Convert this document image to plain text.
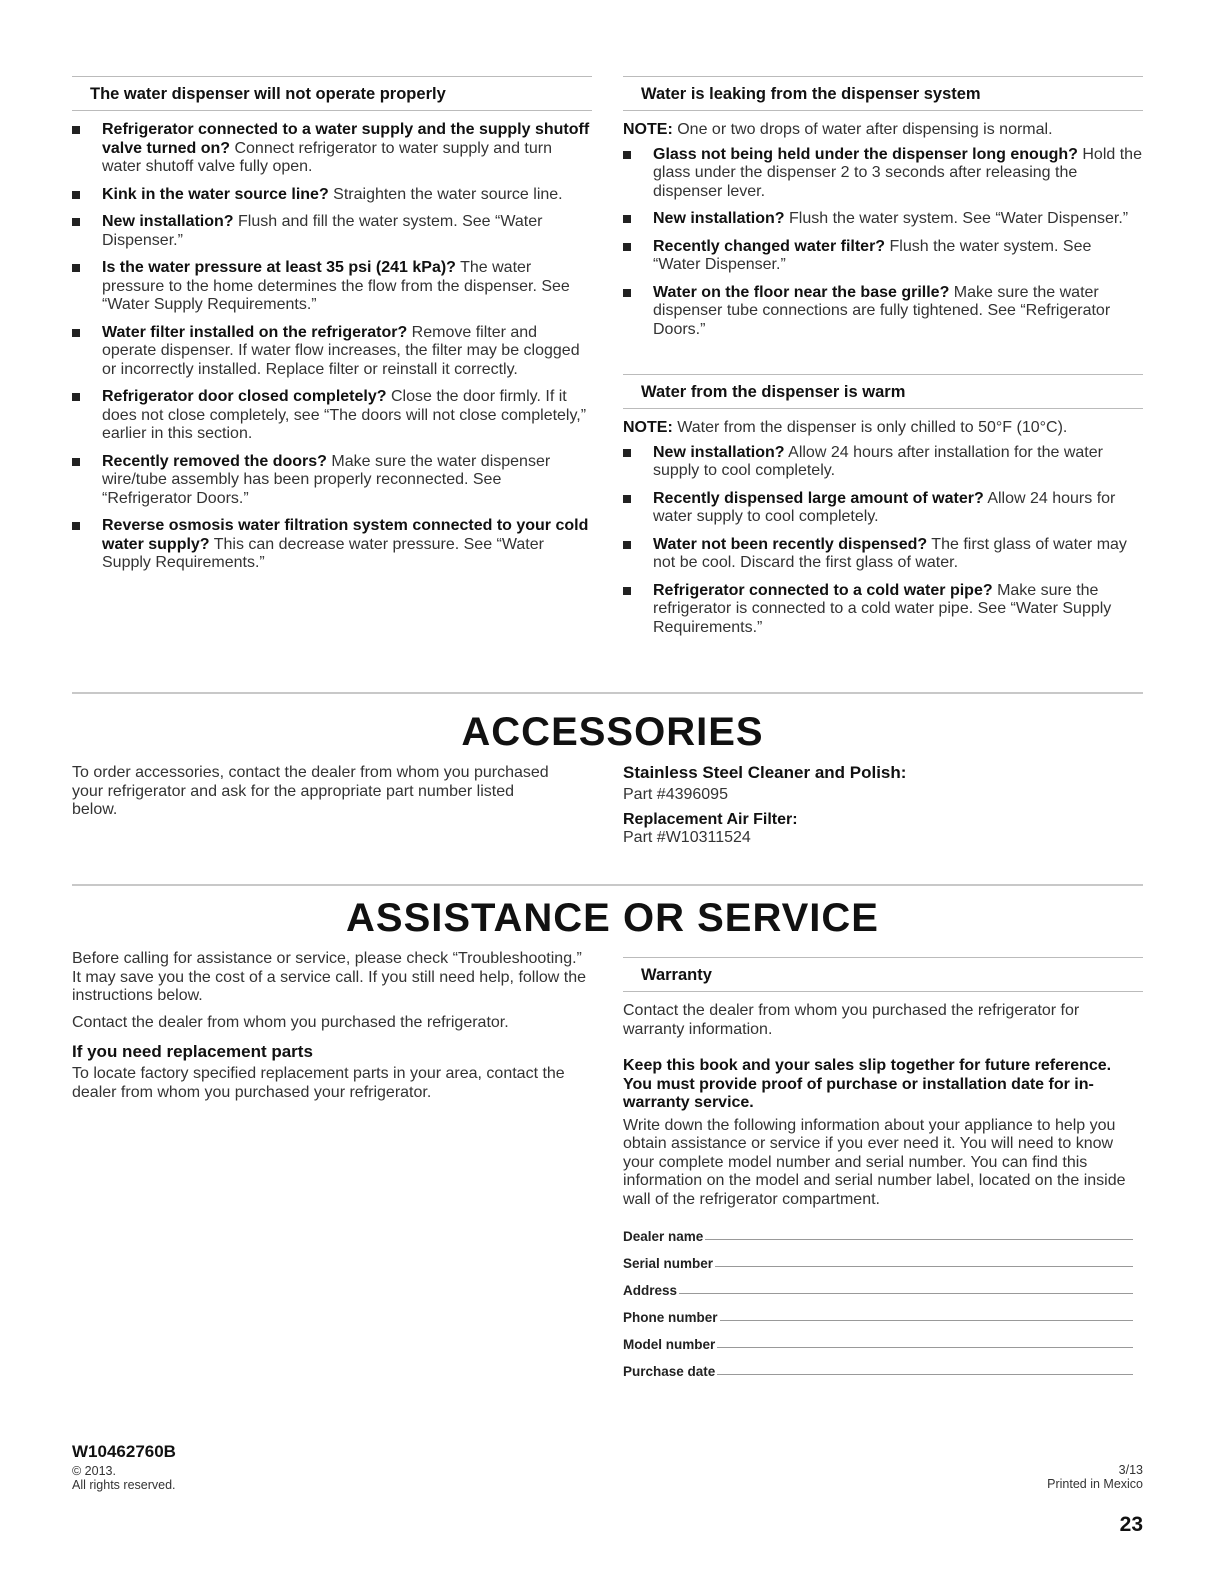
The water dispenser will not operate properly
Refrigerator connected to a water supply and the supply shutoff valve turned on? Connect refrigerator to water supply and turn water shutoff valve fully open.
Kink in the water source line? Straighten the water source line.
New installation? Flush and fill the water system. See “Water Dispenser.”
Is the water pressure at least 35 psi (241 kPa)? The water pressure to the home determines the flow from the dispenser. See “Water Supply Requirements.”
Water filter installed on the refrigerator? Remove filter and operate dispenser. If water flow increases, the filter may be clogged or incorrectly installed. Replace filter or reinstall it correctly.
Refrigerator door closed completely? Close the door firmly. If it does not close completely, see “The doors will not close completely,” earlier in this section.
Recently removed the doors? Make sure the water dispenser wire/tube assembly has been properly reconnected. See “Refrigerator Doors.”
Reverse osmosis water filtration system connected to your cold water supply? This can decrease water pressure. See “Water Supply Requirements.”
Water is leaking from the dispenser system
NOTE: One or two drops of water after dispensing is normal.
Glass not being held under the dispenser long enough? Hold the glass under the dispenser 2 to 3 seconds after releasing the dispenser lever.
New installation? Flush the water system. See “Water Dispenser.”
Recently changed water filter? Flush the water system. See “Water Dispenser.”
Water on the floor near the base grille? Make sure the water dispenser tube connections are fully tightened. See “Refrigerator Doors.”
Water from the dispenser is warm
NOTE: Water from the dispenser is only chilled to 50°F (10°C).
New installation? Allow 24 hours after installation for the water supply to cool completely.
Recently dispensed large amount of water? Allow 24 hours for water supply to cool completely.
Water not been recently dispensed? The first glass of water may not be cool. Discard the first glass of water.
Refrigerator connected to a cold water pipe? Make sure the refrigerator is connected to a cold water pipe. See “Water Supply Requirements.”
ACCESSORIES
To order accessories, contact the dealer from whom you purchased your refrigerator and ask for the appropriate part number listed below.
Stainless Steel Cleaner and Polish:
Part #4396095
Replacement Air Filter:
Part #W10311524
ASSISTANCE OR SERVICE
Before calling for assistance or service, please check “Troubleshooting.” It may save you the cost of a service call. If you still need help, follow the instructions below.
Contact the dealer from whom you purchased the refrigerator.
If you need replacement parts
To locate factory specified replacement parts in your area, contact the dealer from whom you purchased your refrigerator.
Warranty
Contact the dealer from whom you purchased the refrigerator for warranty information.
Keep this book and your sales slip together for future reference. You must provide proof of purchase or installation date for in-warranty service.
Write down the following information about your appliance to help you obtain assistance or service if you ever need it. You will need to know your complete model number and serial number. You can find this information on the model and serial number label, located on the inside wall of the refrigerator compartment.
Dealer name
Serial number
Address
Phone number
Model number
Purchase date
W10462760B
© 2013.
All rights reserved.
3/13
Printed in Mexico
23
